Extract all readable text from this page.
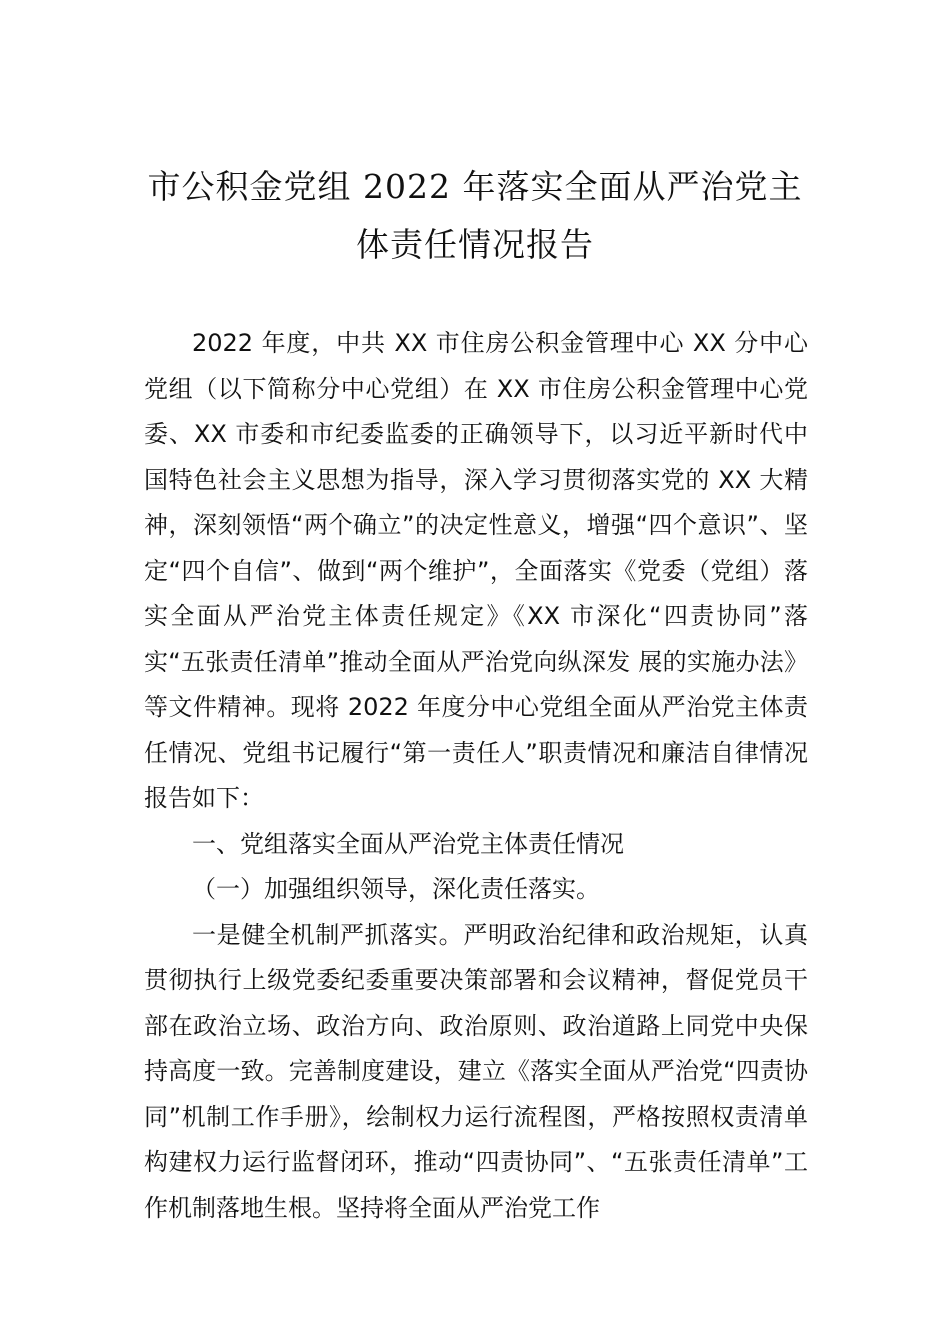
市公积金党组 2022 年落实全面从严治党主
体责任情况报告

2022 年度，中共 XX 市住房公积金管理中心 XX 分中心党组（以下简称分中心党组）在 XX 市住房公积金管理中心党委、XX 市委和市纪委监委的正确领导下，以习近平新时代中国特色社会主义思想为指导，深入学习贯彻落实党的 XX 大精神，深刻领悟“两个确立”的决定性意义，增强“四个意识”、坚定“四个自信”、做到“两个维护”，全面落实《党委（党组）落实全面从严治党主体责任规定》《XX 市深化“四责协同”落实“五张责任清单”推动全面从严治党向纵深发 展的实施办法》等文件精神。现将 2022 年度分中心党组全面从严治党主体责任情况、党组书记履行“第一责任人”职责情况和廉洁自律情况报告如下：

一、党组落实全面从严治党主体责任情况

（一）加强组织领导，深化责任落实。

一是健全机制严抓落实。严明政治纪律和政治规矩，认真贯彻执行上级党委纪委重要决策部署和会议精神，督促党员干部在政治立场、政治方向、政治原则、政治道路上同党中央保持高度一致。完善制度建设，建立《落实全面从严治党“四责协同”机制工作手册》，绘制权力运行流程图，严格按照权责清单构建权力运行监督闭环，推动“四责协同”、“五张责任清单”工作机制落地生根。坚持将全面从严治党工作
